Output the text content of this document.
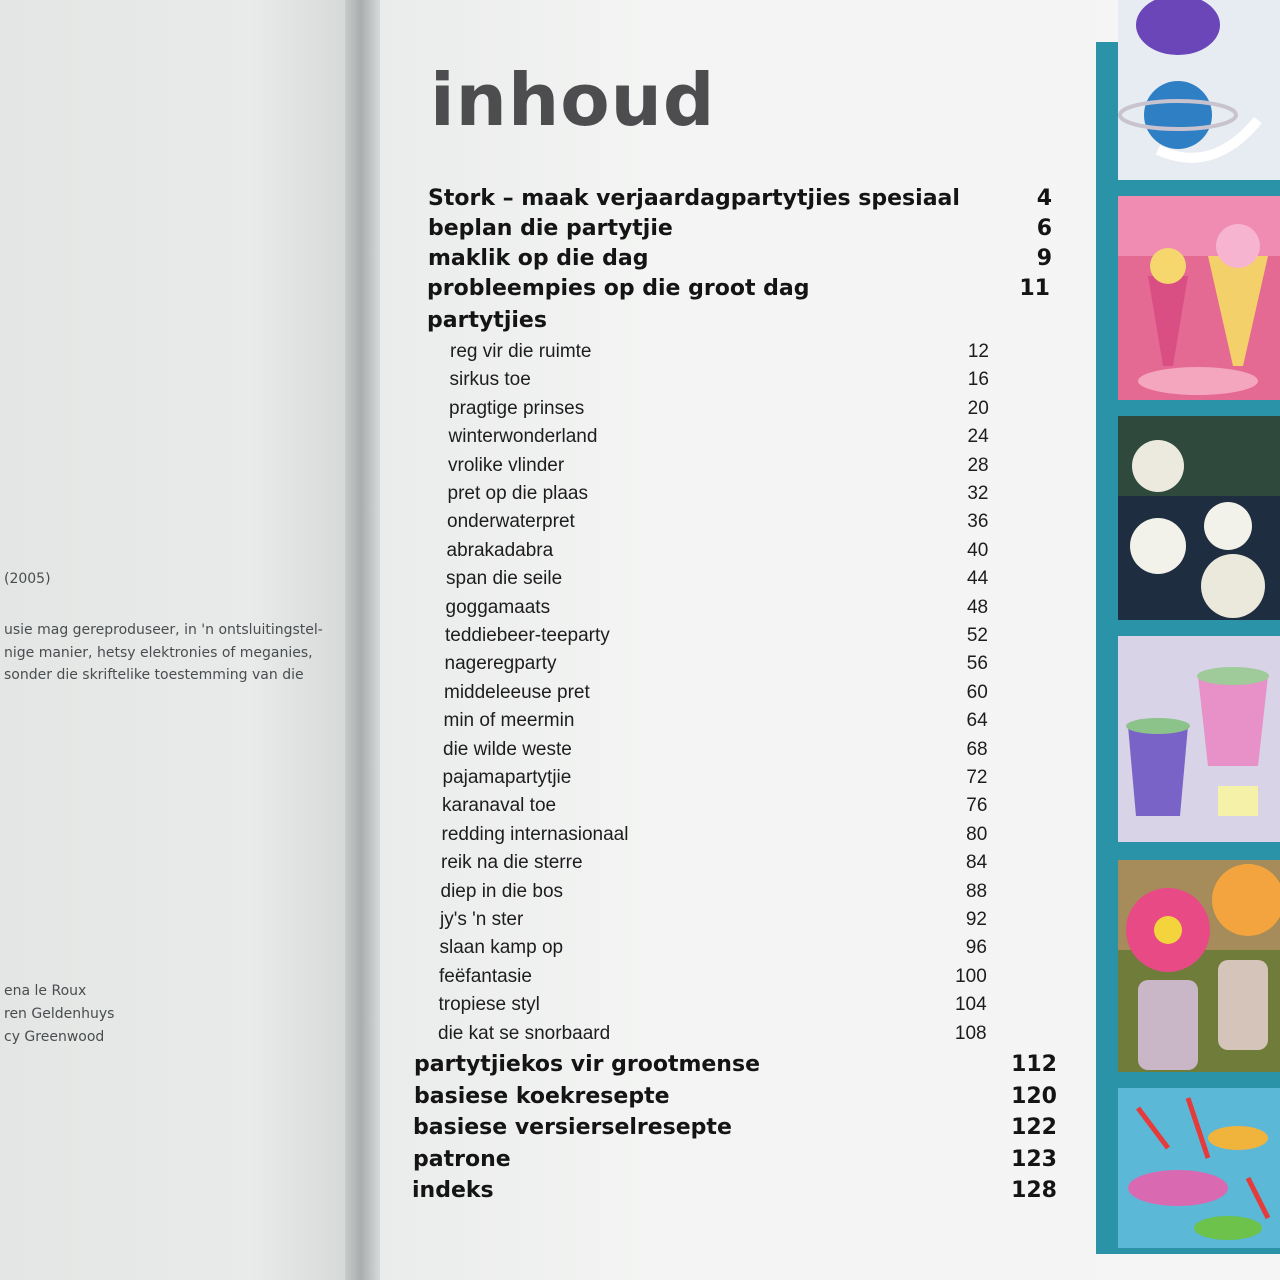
(2005)
usie mag gereproduseer, in 'n ontsluitingstel-
nige manier, hetsy elektronies of meganies,
sonder die skriftelike toestemming van die
ena le Roux
ren Geldenhuys
cy Greenwood

inhoud
Stork – maak verjaardagpartytjies spesiaal	4
beplan die partytjie	6
maklik op die dag	9
probleempies op die groot dag	11
partytjies
reg vir die ruimte	12
sirkus toe	16
pragtige prinses	20
winterwonderland	24
vrolike vlinder	28
pret op die plaas	32
onderwaterpret	36
abrakadabra	40
span die seile	44
goggamaats	48
teddiebeer-teeparty	52
nageregparty	56
middeleeuse pret	60
min of meermin	64
die wilde weste	68
pajamapartytjie	72
karanaval toe	76
redding internasionaal	80
reik na die sterre	84
diep in die bos	88
jy's 'n ster	92
slaan kamp op	96
feëfantasie	100
tropiese styl	104
die kat se snorbaard	108
partytjiekos vir grootmense	112
basiese koekresepte	120
basiese versierselresepte	122
patrone	123
indeks	128
